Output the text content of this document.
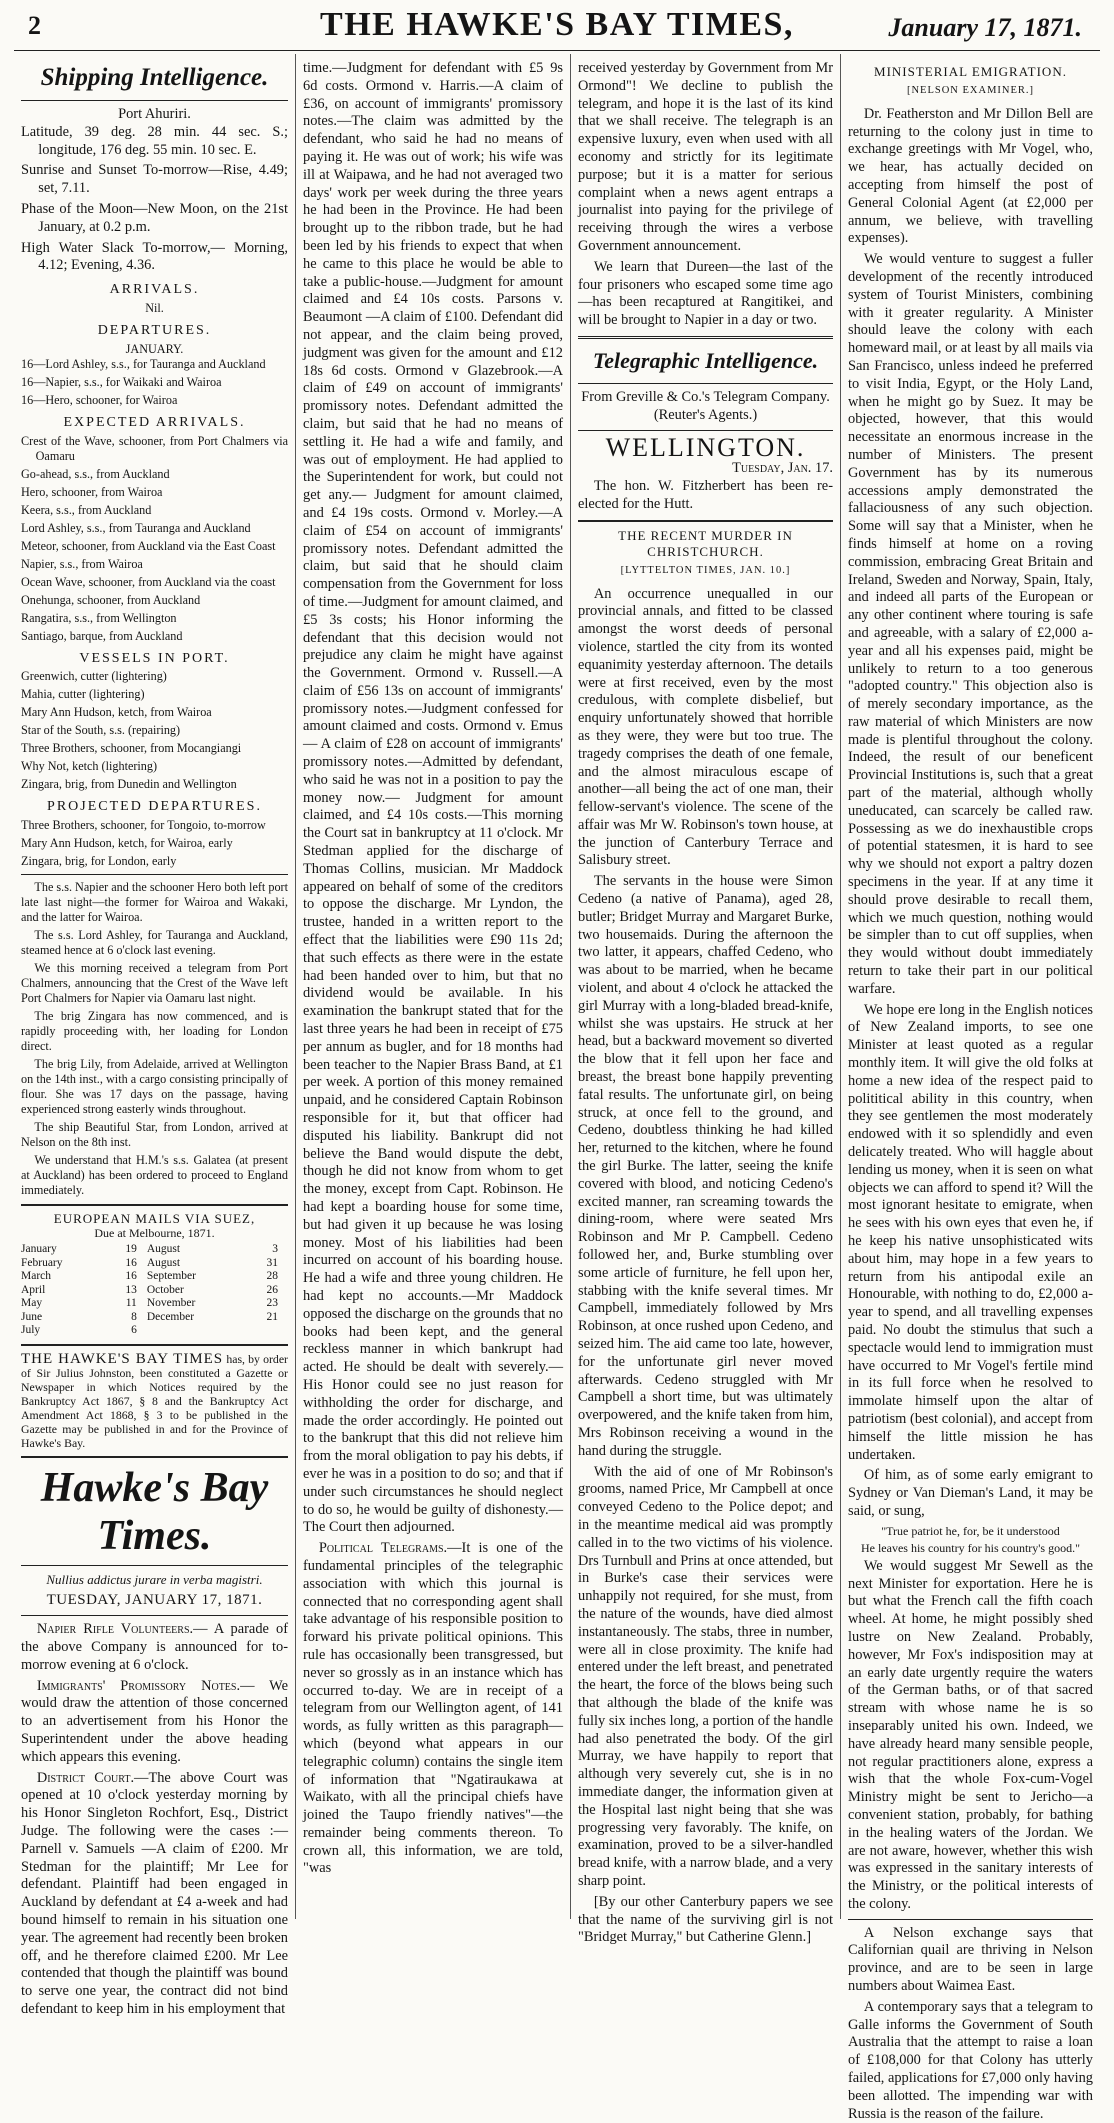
2	THE HAWKE'S BAY TIMES,	January 17, 1871.
Shipping Intelligence.
Port Ahuriri.

Latitude, 39 deg. 28 min. 44 sec. S.; longitude, 176 deg. 55 min. 10 sec. E.

Sunrise and Sunset To-morrow—Rise, 4.49; set, 7.11.

Phase of the Moon—New Moon, on the 21st January, at 0.2 p.m.

High Water Slack To-morrow,— Morning, 4.12; Evening, 4.36.

ARRIVALS.
Nil.
DEPARTURES.
JANUARY.

16—Lord Ashley, s.s., for Tauranga and Auckland

16—Napier, s.s., for Waikaki and Wairoa

16—Hero, schooner, for Wairoa

EXPECTED ARRIVALS.

Crest of the Wave, schooner, from Port Chalmers via Oamaru

Go-ahead, s.s., from Auckland

Hero, schooner, from Wairoa

Keera, s.s., from Auckland

Lord Ashley, s.s., from Tauranga and Auckland

Meteor, schooner, from Auckland via the East Coast

Napier, s.s., from Wairoa

Ocean Wave, schooner, from Auckland via the coast

Onehunga, schooner, from Auckland

Rangatira, s.s., from Wellington

Santiago, barque, from Auckland

VESSELS IN PORT.

Greenwich, cutter (lightering)

Mahia, cutter (lightering)

Mary Ann Hudson, ketch, from Wairoa

Star of the South, s.s. (repairing)

Three Brothers, schooner, from Mocangiangi

Why Not, ketch (lightering)

Zingara, brig, from Dunedin and Wellington

PROJECTED DEPARTURES.

Three Brothers, schooner, for Tongoio, to-morrow

Mary Ann Hudson, ketch, for Wairoa, early

Zingara, brig, for London, early

The s.s. Napier and the schooner Hero both left port late last night—the former for Wairoa and Wakaki, and the latter for Wairoa.

The s.s. Lord Ashley, for Tauranga and Auckland, steamed hence at 6 o'clock last evening.

We this morning received a telegram from Port Chalmers, announcing that the Crest of the Wave left Port Chalmers for Napier via Oamaru last night.

The brig Zingara has now commenced, and is rapidly proceeding with, her loading for London direct.

The brig Lily, from Adelaide, arrived at Wellington on the 14th inst., with a cargo consisting principally of flour. She was 17 days on the passage, having experienced strong easterly winds throughout.

The ship Beautiful Star, from London, arrived at Nelson on the 8th inst.

We understand that H.M.'s s.s. Galatea (at present at Auckland) has been ordered to proceed to England immediately.

EUROPEAN MAILS VIA SUEZ,
Due at Melbourne, 1871.
January	19	August	3
February	16	August	31
March	16	September	28
April	13	October	26
May	11	November	23
June	8	December	21
July	6		
THE HAWKE'S BAY TIMES has, by order of Sir Julius Johnston, been constituted a Gazette or Newspaper in which Notices required by the Bankruptcy Act 1867, § 8 and the Bankruptcy Act Amendment Act 1868, § 3 to be published in the Gazette may be published in and for the Province of Hawke's Bay.
Hawke's Bay Times.
Nullius addictus jurare in verba magistri.
TUESDAY, JANUARY 17, 1871.

Napier Rifle Volunteers.— A parade of the above Company is announced for to-morrow evening at 6 o'clock.

Immigrants' Promissory Notes.— We would draw the attention of those concerned to an advertisement from his Honor the Superintendent under the above heading which appears this evening.

District Court.—The above Court was opened at 10 o'clock yesterday morning by his Honor Singleton Rochfort, Esq., District Judge. The following were the cases :— Parnell v. Samuels —A claim of £200. Mr Stedman for the plaintiff; Mr Lee for defendant. Plaintiff had been engaged in Auckland by defendant at £4 a-week and had bound himself to remain in his situation one year. The agreement had recently been broken off, and he therefore claimed £200. Mr Lee contended that though the plaintiff was bound to serve one year, the contract did not bind defendant to keep him in his employment that

time.—Judgment for defendant with £5 9s 6d costs. Ormond v. Harris.—A claim of £36, on account of immigrants' promissory notes.—The claim was admitted by the defendant, who said he had no means of paying it. He was out of work; his wife was ill at Waipawa, and he had not averaged two days' work per week during the three years he had been in the Province. He had been brought up to the ribbon trade, but he had been led by his friends to expect that when he came to this place he would be able to take a public-house.—Judgment for amount claimed and £4 10s costs. Parsons v. Beaumont —A claim of £100. Defendant did not appear, and the claim being proved, judgment was given for the amount and £12 18s 6d costs. Ormond v Glazebrook.—A claim of £49 on account of immigrants' promissory notes. Defendant admitted the claim, but said that he had no means of settling it. He had a wife and family, and was out of employment. He had applied to the Superintendent for work, but could not get any.— Judgment for amount claimed, and £4 19s costs. Ormond v. Morley.—A claim of £54 on account of immigrants' promissory notes. Defendant admitted the claim, but said that he should claim compensation from the Government for loss of time.—Judgment for amount claimed, and £5 3s costs; his Honor informing the defendant that this decision would not prejudice any claim he might have against the Government. Ormond v. Russell.—A claim of £56 13s on account of immigrants' promissory notes.—Judgment confessed for amount claimed and costs. Ormond v. Emus— A claim of £28 on account of immigrants' promissory notes.—Admitted by defendant, who said he was not in a position to pay the money now.— Judgment for amount claimed, and £4 10s costs.—This morning the Court sat in bankruptcy at 11 o'clock. Mr Stedman applied for the discharge of Thomas Collins, musician. Mr Maddock appeared on behalf of some of the creditors to oppose the discharge. Mr Lyndon, the trustee, handed in a written report to the effect that the liabilities were £90 11s 2d; that such effects as there were in the estate had been handed over to him, but that no dividend would be available. In his examination the bankrupt stated that for the last three years he had been in receipt of £75 per annum as bugler, and for 18 months had been teacher to the Napier Brass Band, at £1 per week. A portion of this money remained unpaid, and he considered Captain Robinson responsible for it, but that officer had disputed his liability. Bankrupt did not believe the Band would dispute the debt, though he did not know from whom to get the money, except from Capt. Robinson. He had kept a boarding house for some time, but had given it up because he was losing money. Most of his liabilities had been incurred on account of his boarding house. He had a wife and three young children. He had kept no accounts.—Mr Maddock opposed the discharge on the grounds that no books had been kept, and the general reckless manner in which bankrupt had acted. He should be dealt with severely.—His Honor could see no just reason for withholding the order for discharge, and made the order accordingly. He pointed out to the bankrupt that this did not relieve him from the moral obligation to pay his debts, if ever he was in a position to do so; and that if under such circumstances he should neglect to do so, he would be guilty of dishonesty.— The Court then adjourned.

Political Telegrams.—It is one of the fundamental principles of the telegraphic association with which this journal is connected that no corresponding agent shall take advantage of his responsible position to forward his private political opinions. This rule has occasionally been transgressed, but never so grossly as in an instance which has occurred to-day. We are in receipt of a telegram from our Wellington agent, of 141 words, as fully written as this paragraph—which (beyond what appears in our telegraphic column) contains the single item of information that "Ngatiraukawa at Waikato, with all the principal chiefs have joined the Taupo friendly natives"—the remainder being comments thereon. To crown all, this information, we are told, "was

received yesterday by Government from Mr Ormond"! We decline to publish the telegram, and hope it is the last of its kind that we shall receive. The telegraph is an expensive luxury, even when used with all economy and strictly for its legitimate purpose; but it is a matter for serious complaint when a news agent entraps a journalist into paying for the privilege of receiving through the wires a verbose Government announcement.

We learn that Dureen—the last of the four prisoners who escaped some time ago—has been recaptured at Rangitikei, and will be brought to Napier in a day or two.

Telegraphic Intelligence.
From Greville & Co.'s Telegram Company.
(Reuter's Agents.)
WELLINGTON.
Tuesday, Jan. 17.

The hon. W. Fitzherbert has been re-elected for the Hutt.

THE RECENT MURDER IN CHRISTCHURCH.
[LYTTELTON TIMES, JAN. 10.]

An occurrence unequalled in our provincial annals, and fitted to be classed amongst the worst deeds of personal violence, startled the city from its wonted equanimity yesterday afternoon. The details were at first received, even by the most credulous, with complete disbelief, but enquiry unfortunately showed that horrible as they were, they were but too true. The tragedy comprises the death of one female, and the almost miraculous escape of another—all being the act of one man, their fellow-servant's violence. The scene of the affair was Mr W. Robinson's town house, at the junction of Canterbury Terrace and Salisbury street.

The servants in the house were Simon Cedeno (a native of Panama), aged 28, butler; Bridget Murray and Margaret Burke, two housemaids. During the afternoon the two latter, it appears, chaffed Cedeno, who was about to be married, when he became violent, and about 4 o'clock he attacked the girl Murray with a long-bladed bread-knife, whilst she was upstairs. He struck at her head, but a backward movement so diverted the blow that it fell upon her face and breast, the breast bone happily preventing fatal results. The unfortunate girl, on being struck, at once fell to the ground, and Cedeno, doubtless thinking he had killed her, returned to the kitchen, where he found the girl Burke. The latter, seeing the knife covered with blood, and noticing Cedeno's excited manner, ran screaming towards the dining-room, where were seated Mrs Robinson and Mr P. Campbell. Cedeno followed her, and, Burke stumbling over some article of furniture, he fell upon her, stabbing with the knife several times. Mr Campbell, immediately followed by Mrs Robinson, at once rushed upon Cedeno, and seized him. The aid came too late, however, for the unfortunate girl never moved afterwards. Cedeno struggled with Mr Campbell a short time, but was ultimately overpowered, and the knife taken from him, Mrs Robinson receiving a wound in the hand during the struggle.

With the aid of one of Mr Robinson's grooms, named Price, Mr Campbell at once conveyed Cedeno to the Police depot; and in the meantime medical aid was promptly called in to the two victims of his violence. Drs Turnbull and Prins at once attended, but in Burke's case their services were unhappily not required, for she must, from the nature of the wounds, have died almost instantaneously. The stabs, three in number, were all in close proximity. The knife had entered under the left breast, and penetrated the heart, the force of the blows being such that although the blade of the knife was fully six inches long, a portion of the handle had also penetrated the body. Of the girl Murray, we have happily to report that although very severely cut, she is in no immediate danger, the information given at the Hospital last night being that she was progressing very favorably. The knife, on examination, proved to be a silver-handled bread knife, with a narrow blade, and a very sharp point.

[By our other Canterbury papers we see that the name of the surviving girl is not "Bridget Murray," but Catherine Glenn.]

MINISTERIAL EMIGRATION.
[NELSON EXAMINER.]

Dr. Featherston and Mr Dillon Bell are returning to the colony just in time to exchange greetings with Mr Vogel, who, we hear, has actually decided on accepting from himself the post of General Colonial Agent (at £2,000 per annum, we believe, with travelling expenses).

We would venture to suggest a fuller development of the recently introduced system of Tourist Ministers, combining with it greater regularity. A Minister should leave the colony with each homeward mail, or at least by all mails via San Francisco, unless indeed he preferred to visit India, Egypt, or the Holy Land, when he might go by Suez. It may be objected, however, that this would necessitate an enormous increase in the number of Ministers. The present Government has by its numerous accessions amply demonstrated the fallaciousness of any such objection. Some will say that a Minister, when he finds himself at home on a roving commission, embracing Great Britain and Ireland, Sweden and Norway, Spain, Italy, and indeed all parts of the European or any other continent where touring is safe and agreeable, with a salary of £2,000 a-year and all his expenses paid, might be unlikely to return to a too generous "adopted country." This objection also is of merely secondary importance, as the raw material of which Ministers are now made is plentiful throughout the colony. Indeed, the result of our beneficent Provincial Institutions is, such that a great part of the material, although wholly uneducated, can scarcely be called raw. Possessing as we do inexhaustible crops of potential statesmen, it is hard to see why we should not export a paltry dozen specimens in the year. If at any time it should prove desirable to recall them, which we much question, nothing would be simpler than to cut off supplies, when they would without doubt immediately return to take their part in our political warfare.

We hope ere long in the English notices of New Zealand imports, to see one Minister at least quoted as a regular monthly item. It will give the old folks at home a new idea of the respect paid to polititical ability in this country, when they see gentlemen the most moderately endowed with it so splendidly and even delicately treated. Who will haggle about lending us money, when it is seen on what objects we can afford to spend it? Will the most ignorant hesitate to emigrate, when he sees with his own eyes that even he, if he keep his native unsophisticated wits about him, may hope in a few years to return from his antipodal exile an Honourable, with nothing to do, £2,000 a-year to spend, and all travelling expenses paid. No doubt the stimulus that such a spectacle would lend to immigration must have occurred to Mr Vogel's fertile mind in its full force when he resolved to immolate himself upon the altar of patriotism (best colonial), and accept from himself the little mission he has undertaken.

Of him, as of some early emigrant to Sydney or Van Dieman's Land, it may be said, or sung,

"True patriot he, for, be it understood

He leaves his country for his country's good."

We would suggest Mr Sewell as the next Minister for exportation. Here he is but what the French call the fifth coach wheel. At home, he might possibly shed lustre on New Zealand. Probably, however, Mr Fox's indisposition may at an early date urgently require the waters of the German baths, or of that sacred stream with whose name he is so inseparably united his own. Indeed, we have already heard many sensible people, not regular practitioners alone, express a wish that the whole Fox-cum-Vogel Ministry might be sent to Jericho—a convenient station, probably, for bathing in the healing waters of the Jordan. We are not aware, however, whether this wish was expressed in the sanitary interests of the Ministry, or the political interests of the colony.

A Nelson exchange says that Californian quail are thriving in Nelson province, and are to be seen in large numbers about Waimea East.

A contemporary says that a telegram to Galle informs the Government of South Australia that the attempt to raise a loan of £108,000 for that Colony has utterly failed, applications for £7,000 only having been allotted. The impending war with Russia is the reason of the failure.
